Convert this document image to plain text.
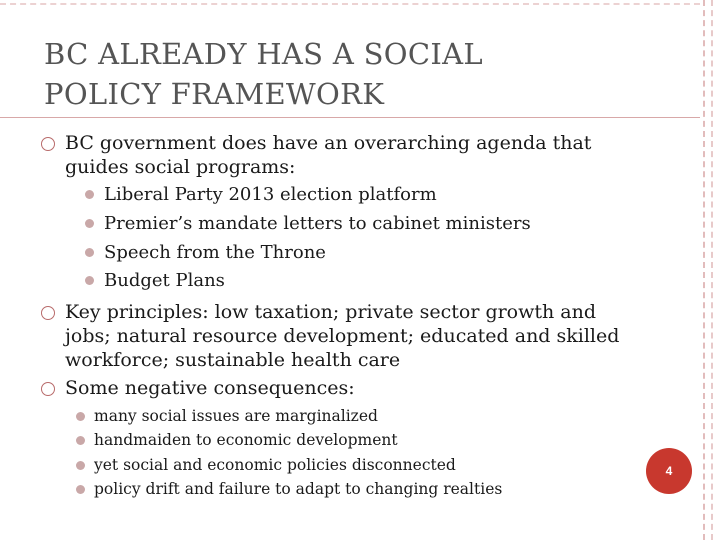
BC ALREADY HAS A SOCIAL
POLICY FRAMEWORK
BC government does have an overarching agenda that
guides social programs:
Liberal Party 2013 election platform
Premier’s mandate letters to cabinet ministers
Speech from the Throne
Budget Plans
Key principles: low taxation; private sector growth and
jobs; natural resource development; educated and skilled
workforce; sustainable health care
Some negative consequences:
many social issues are marginalized
handmaiden to economic development
yet social and economic policies disconnected
policy drift and failure to adapt to changing realties
4
